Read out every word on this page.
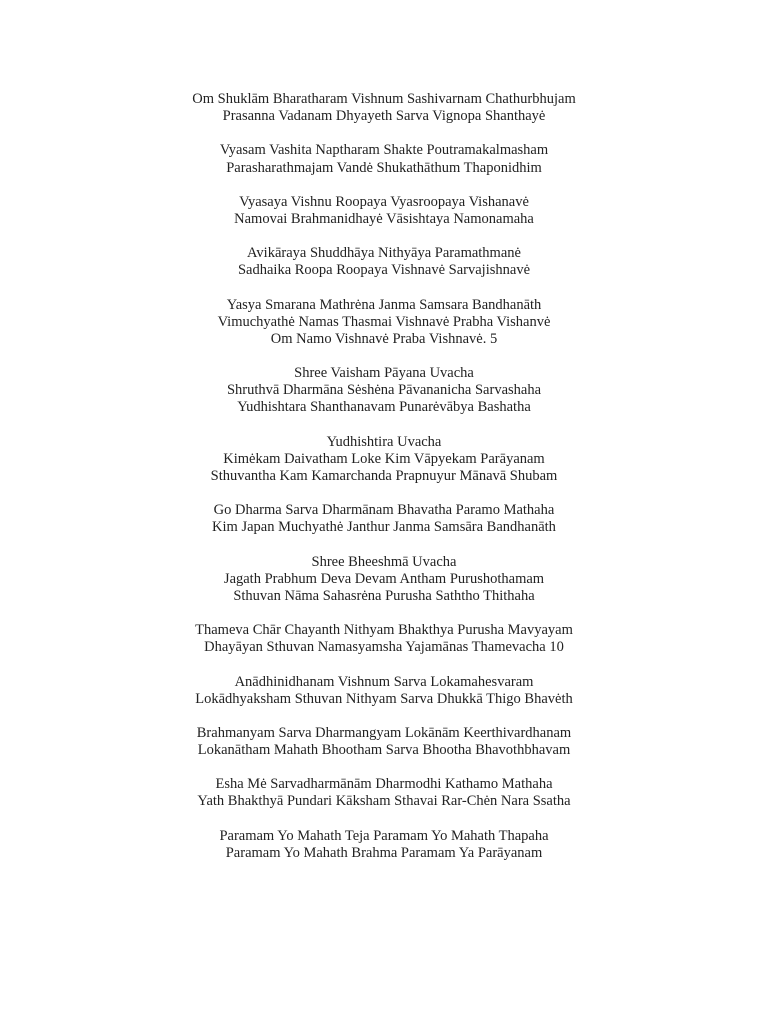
Om Shuklām Bharatharam Vishnum Sashivarnam Chathurbhujam
Prasanna Vadanam Dhyayeth Sarva Vignopa Shanthayė
Vyasam Vashita Naptharam Shakte Poutramakalmasham
Parasharathmajam Vandė Shukathāthum Thaponidhim
Vyasaya Vishnu Roopaya Vyasroopaya Vishanavė
Namovai Brahmanidhayė Vāsishtaya Namonamaha
Avikāraya Shuddhāya Nithyāya Paramathmanė
Sadhaika Roopa Roopaya Vishnavė Sarvajishnavė
Yasya Smarana Mathrėna Janma Samsara Bandhanāth
Vimuchyathė Namas Thasmai Vishnavė Prabha Vishanvė
Om Namo Vishnavė Praba Vishnavė. 5
Shree Vaisham Pāyana Uvacha
Shruthvā Dharmāna Sėshėna Pāvananicha Sarvashaha
Yudhishtara Shanthanavam Punarėvābya Bashatha
Yudhishtira Uvacha
Kimėkam Daivatham Loke Kim Vāpyekam Parāyanam
Sthuvantha Kam Kamarchanda Prapnuyur Mānavā Shubam
Go Dharma Sarva Dharmānam Bhavatha Paramo Mathaha
Kim Japan Muchyathė Janthur Janma Samsāra Bandhanāth
Shree Bheeshmā Uvacha
Jagath Prabhum Deva Devam Antham Purushothamam
Sthuvan Nāma Sahasrėna Purusha Saththo Thithaha
Thameva Chār Chayanth Nithyam Bhakthya Purusha Mavyayam
Dhayāyan Sthuvan Namasyamsha Yajamānas Thamevacha 10
Anādhinidhanam Vishnum Sarva Lokamahesvaram
Lokādhyaksham Sthuvan Nithyam Sarva Dhukkā Thigo Bhavėth
Brahmanyam Sarva Dharmangyam Lokānām Keerthivardhanam
Lokanātham Mahath Bhootham Sarva Bhootha Bhavothbhavam
Esha Mė Sarvadharmānām Dharmodhi Kathamo Mathaha
Yath Bhakthyā Pundari Kāksham Sthavai Rar-Chėn Nara Ssatha
Paramam Yo Mahath Teja Paramam Yo Mahath Thapaha
Paramam Yo Mahath Brahma Paramam Ya Parāyanam
